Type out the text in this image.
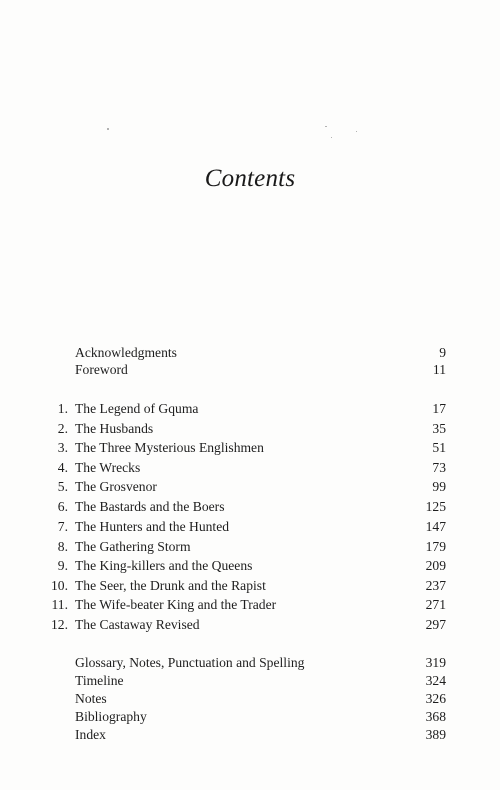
Contents
Acknowledgments	9
Foreword	11
1. The Legend of Gquma	17
2. The Husbands	35
3. The Three Mysterious Englishmen	51
4. The Wrecks	73
5. The Grosvenor	99
6. The Bastards and the Boers	125
7. The Hunters and the Hunted	147
8. The Gathering Storm	179
9. The King-killers and the Queens	209
10. The Seer, the Drunk and the Rapist	237
11. The Wife-beater King and the Trader	271
12. The Castaway Revised	297
Glossary, Notes, Punctuation and Spelling	319
Timeline	324
Notes	326
Bibliography	368
Index	389
